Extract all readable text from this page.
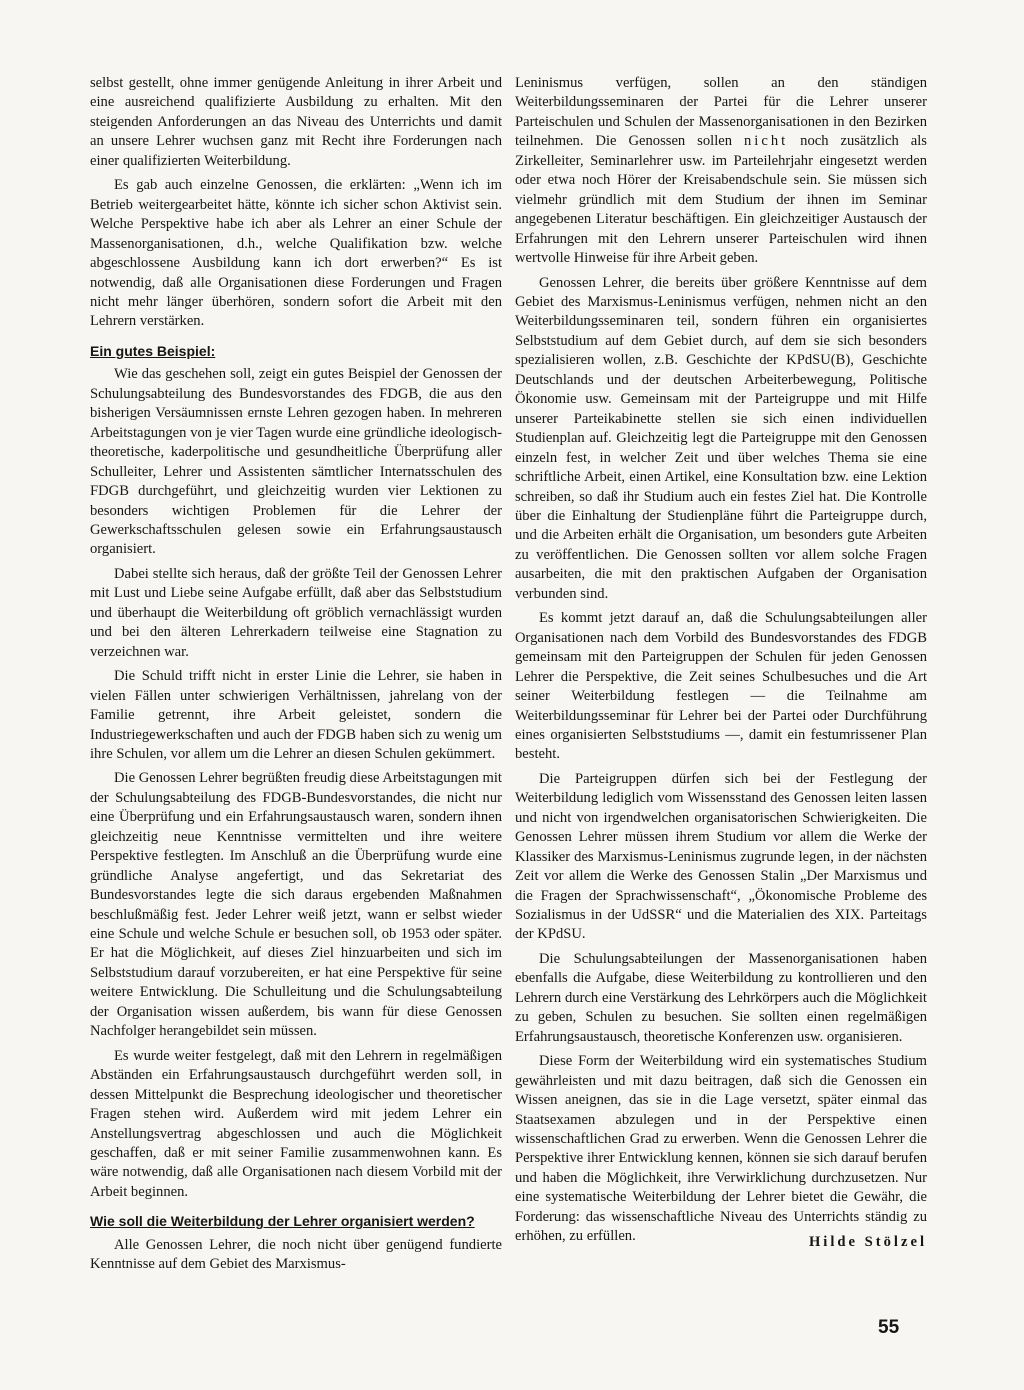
selbst gestellt, ohne immer genügende Anleitung in ihrer Arbeit und eine ausreichend qualifizierte Ausbildung zu erhalten. Mit den steigenden Anforderungen an das Niveau des Unterrichts und damit an unsere Lehrer wuchsen ganz mit Recht ihre Forderungen nach einer qualifizierten Weiterbildung.

Es gab auch einzelne Genossen, die erklärten: „Wenn ich im Betrieb weitergearbeitet hätte, könnte ich sicher schon Aktivist sein. Welche Perspektive habe ich aber als Lehrer an einer Schule der Massenorganisationen, d.h., welche Qualifikation bzw. welche abgeschlossene Ausbildung kann ich dort erwerben?“ Es ist notwendig, daß alle Organisationen diese Forderungen und Fragen nicht mehr länger überhören, sondern sofort die Arbeit mit den Lehrern verstärken.

Ein gutes Beispiel:

Wie das geschehen soll, zeigt ein gutes Beispiel der Genossen der Schulungsabteilung des Bundesvorstandes des FDGB, die aus den bisherigen Versäumnissen ernste Lehren gezogen haben. In mehreren Arbeitstagungen von je vier Tagen wurde eine gründliche ideologisch-theoretische, kaderpolitische und gesundheitliche Überprüfung aller Schulleiter, Lehrer und Assistenten sämtlicher Internatsschulen des FDGB durchgeführt, und gleichzeitig wurden vier Lektionen zu besonders wichtigen Problemen für die Lehrer der Gewerkschaftsschulen gelesen sowie ein Erfahrungsaustausch organisiert.

Dabei stellte sich heraus, daß der größte Teil der Genossen Lehrer mit Lust und Liebe seine Aufgabe erfüllt, daß aber das Selbststudium und überhaupt die Weiterbildung oft gröblich vernachlässigt wurden und bei den älteren Lehrerkadern teilweise eine Stagnation zu verzeichnen war.

Die Schuld trifft nicht in erster Linie die Lehrer, sie haben in vielen Fällen unter schwierigen Verhältnissen, jahrelang von der Familie getrennt, ihre Arbeit geleistet, sondern die Industriegewerkschaften und auch der FDGB haben sich zu wenig um ihre Schulen, vor allem um die Lehrer an diesen Schulen gekümmert.

Die Genossen Lehrer begrüßten freudig diese Arbeitstagungen mit der Schulungsabteilung des FDGB-Bundesvorstandes, die nicht nur eine Überprüfung und ein Erfahrungsaustausch waren, sondern ihnen gleichzeitig neue Kenntnisse vermittelten und ihre weitere Perspektive festlegten. Im Anschluß an die Überprüfung wurde eine gründliche Analyse angefertigt, und das Sekretariat des Bundesvorstandes legte die sich daraus ergebenden Maßnahmen beschlußmäßig fest. Jeder Lehrer weiß jetzt, wann er selbst wieder eine Schule und welche Schule er besuchen soll, ob 1953 oder später. Er hat die Möglichkeit, auf dieses Ziel hinzuarbeiten und sich im Selbststudium darauf vorzubereiten, er hat eine Perspektive für seine weitere Entwicklung. Die Schulleitung und die Schulungsabteilung der Organisation wissen außerdem, bis wann für diese Genossen Nachfolger herangebildet sein müssen.

Es wurde weiter festgelegt, daß mit den Lehrern in regelmäßigen Abständen ein Erfahrungsaustausch durchgeführt werden soll, in dessen Mittelpunkt die Besprechung ideologischer und theoretischer Fragen stehen wird. Außerdem wird mit jedem Lehrer ein Anstellungsvertrag abgeschlossen und auch die Möglichkeit geschaffen, daß er mit seiner Familie zusammenwohnen kann. Es wäre notwendig, daß alle Organisationen nach diesem Vorbild mit der Arbeit beginnen.

Wie soll die Weiterbildung der Lehrer organisiert werden?

Alle Genossen Lehrer, die noch nicht über genügend fundierte Kenntnisse auf dem Gebiet des Marxismus-

Leninismus verfügen, sollen an den ständigen Weiterbildungsseminaren der Partei für die Lehrer unserer Parteischulen und Schulen der Massenorganisationen in den Bezirken teilnehmen. Die Genossen sollen nicht noch zusätzlich als Zirkelleiter, Seminarlehrer usw. im Parteilehrjahr eingesetzt werden oder etwa noch Hörer der Kreisabendschule sein. Sie müssen sich vielmehr gründlich mit dem Studium der ihnen im Seminar angegebenen Literatur beschäftigen. Ein gleichzeitiger Austausch der Erfahrungen mit den Lehrern unserer Parteischulen wird ihnen wertvolle Hinweise für ihre Arbeit geben.

Genossen Lehrer, die bereits über größere Kenntnisse auf dem Gebiet des Marxismus-Leninismus verfügen, nehmen nicht an den Weiterbildungsseminaren teil, sondern führen ein organisiertes Selbststudium auf dem Gebiet durch, auf dem sie sich besonders spezialisieren wollen, z.B. Geschichte der KPdSU(B), Geschichte Deutschlands und der deutschen Arbeiterbewegung, Politische Ökonomie usw. Gemeinsam mit der Parteigruppe und mit Hilfe unserer Parteikabinette stellen sie sich einen individuellen Studienplan auf. Gleichzeitig legt die Parteigruppe mit den Genossen einzeln fest, in welcher Zeit und über welches Thema sie eine schriftliche Arbeit, einen Artikel, eine Konsultation bzw. eine Lektion schreiben, so daß ihr Studium auch ein festes Ziel hat. Die Kontrolle über die Einhaltung der Studienpläne führt die Parteigruppe durch, und die Arbeiten erhält die Organisation, um besonders gute Arbeiten zu veröffentlichen. Die Genossen sollten vor allem solche Fragen ausarbeiten, die mit den praktischen Aufgaben der Organisation verbunden sind.

Es kommt jetzt darauf an, daß die Schulungsabteilungen aller Organisationen nach dem Vorbild des Bundesvorstandes des FDGB gemeinsam mit den Parteigruppen der Schulen für jeden Genossen Lehrer die Perspektive, die Zeit seines Schulbesuches und die Art seiner Weiterbildung festlegen — die Teilnahme am Weiterbildungsseminar für Lehrer bei der Partei oder Durchführung eines organisierten Selbststudiums —, damit ein festumrissener Plan besteht.

Die Parteigruppen dürfen sich bei der Festlegung der Weiterbildung lediglich vom Wissensstand des Genossen leiten lassen und nicht von irgendwelchen organisatorischen Schwierigkeiten. Die Genossen Lehrer müssen ihrem Studium vor allem die Werke der Klassiker des Marxismus-Leninismus zugrunde legen, in der nächsten Zeit vor allem die Werke des Genossen Stalin „Der Marxismus und die Fragen der Sprachwissenschaft“, „Ökonomische Probleme des Sozialismus in der UdSSR“ und die Materialien des XIX. Parteitags der KPdSU.

Die Schulungsabteilungen der Massenorganisationen haben ebenfalls die Aufgabe, diese Weiterbildung zu kontrollieren und den Lehrern durch eine Verstärkung des Lehrkörpers auch die Möglichkeit zu geben, Schulen zu besuchen. Sie sollten einen regelmäßigen Erfahrungsaustausch, theoretische Konferenzen usw. organisieren.

Diese Form der Weiterbildung wird ein systematisches Studium gewährleisten und mit dazu beitragen, daß sich die Genossen ein Wissen aneignen, das sie in die Lage versetzt, später einmal das Staatsexamen abzulegen und in der Perspektive einen wissenschaftlichen Grad zu erwerben. Wenn die Genossen Lehrer die Perspektive ihrer Entwicklung kennen, können sie sich darauf berufen und haben die Möglichkeit, ihre Verwirklichung durchzusetzen. Nur eine systematische Weiterbildung der Lehrer bietet die Gewähr, die Forderung: das wissenschaftliche Niveau des Unterrichts ständig zu erhöhen, zu erfüllen.	Hilde Stölzel
55
